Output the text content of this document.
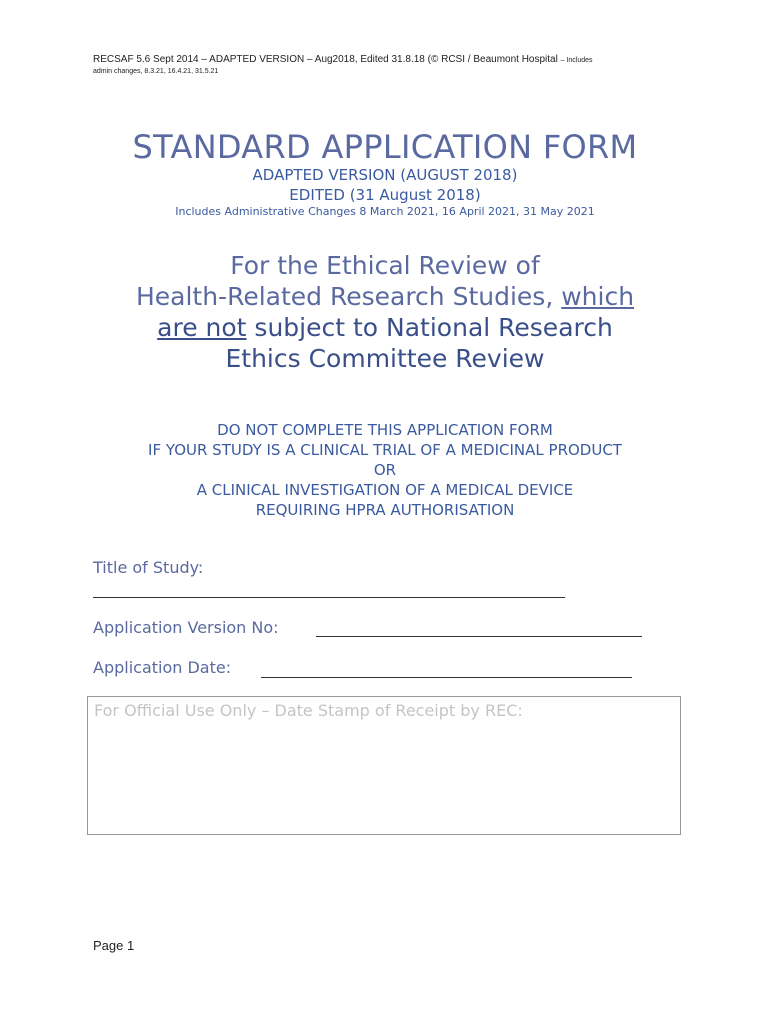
RECSAF 5.6 Sept 2014 – ADAPTED VERSION – Aug2018, Edited 31.8.18 (© RCSI / Beaumont Hospital – Includes
admin changes, 8.3.21, 16.4.21, 31.5.21
STANDARD APPLICATION FORM
ADAPTED VERSION (AUGUST 2018)
EDITED (31 August 2018)
Includes Administrative Changes 8 March 2021, 16 April 2021, 31 May 2021
For the Ethical Review of
Health-Related Research Studies, which
are not subject to National Research
Ethics Committee Review
DO NOT COMPLETE THIS APPLICATION FORM
IF YOUR STUDY IS A CLINICAL TRIAL OF A MEDICINAL PRODUCT
OR
A CLINICAL INVESTIGATION OF A MEDICAL DEVICE
REQUIRING HPRA AUTHORISATION
Title of Study:
Application Version No:
Application Date:
For Official Use Only – Date Stamp of Receipt by REC:
Page 1
